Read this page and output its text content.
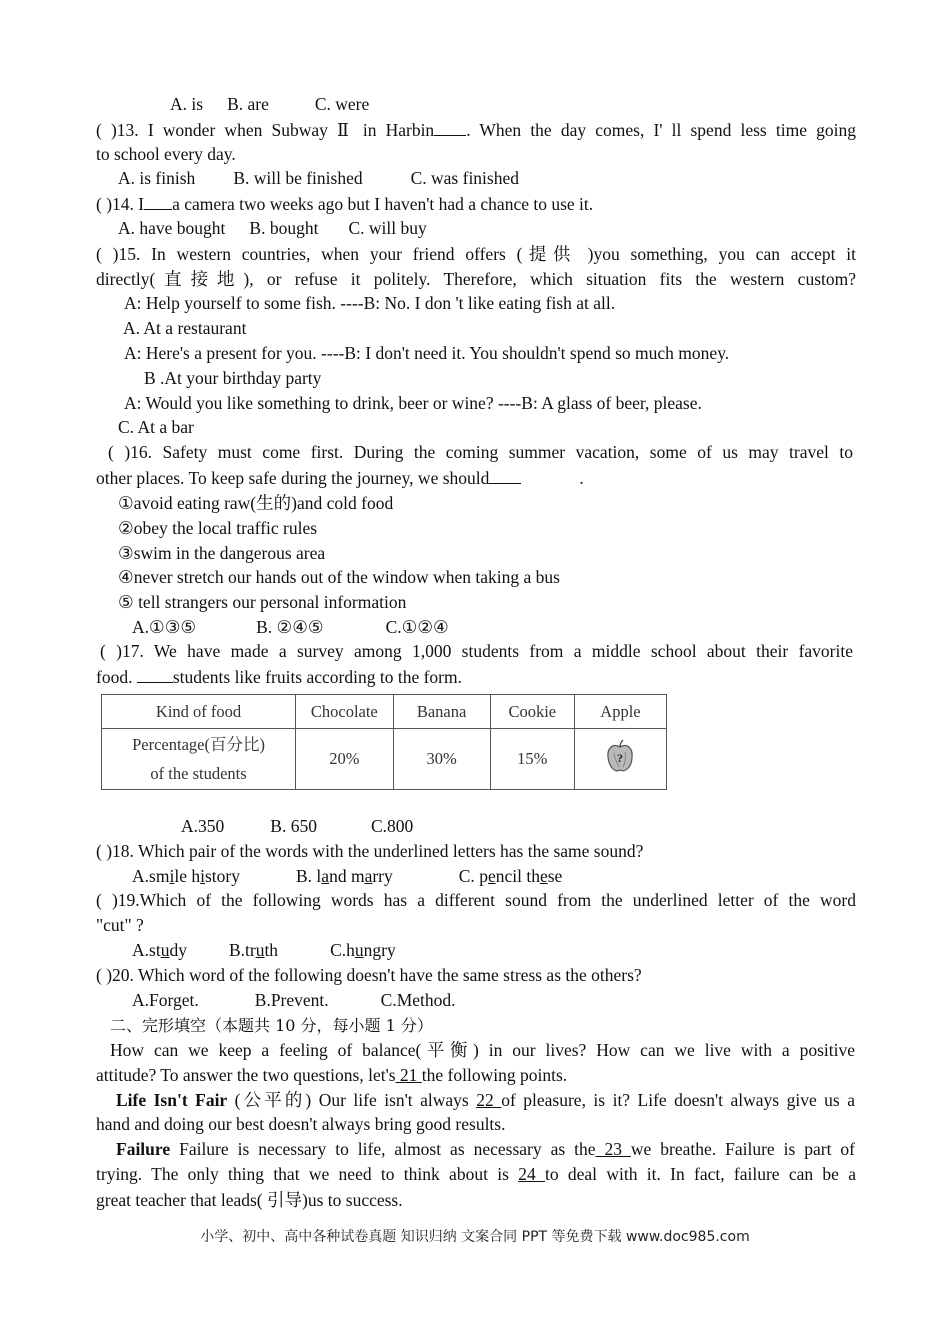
A. is B. are	C. were
( )13. I wonder when Subway Ⅱ in Harbin . When the day comes, I' ll spend less time going
to school every day.
A. is finish B. will be finished	C. was finished
( )14. I a camera two weeks ago but I haven't had a chance to use it.
A. have bought B. bought C. will buy
( )15. In western countries, when your friend offers (提供 )you something, you can accept it
directly(直接地), or refuse it politely. Therefore, which situation fits the western custom?
A: Help yourself to some fish. ----B: No. I don 't like eating fish at all.
A. At a restaurant
A: Here's a present for you. ----B: I don't need it. You shouldn't spend so much money.
B .At your birthday party
A: Would you like something to drink, beer or wine? ----B: A glass of beer, please.
C. At a bar
( )16. Safety must come first. During the coming summer vacation, some of us may travel to
other places. To keep safe during the journey, we should	.
①avoid eating raw(生的)and cold food
②obey the local traffic rules
③swim in the dangerous area
④never stretch our hands out of the window when taking a bus
⑤ tell strangers our personal information
A.①③⑤	B. ②④⑤	C.①②④
( )17. We have made a survey among 1,000 students from a middle school about their favorite
food. students like fruits according to the form.
Kind of food	Chocolate	Banana	Cookie	Apple

Percentage(百分比)
of the students	20%	30%	15%	?
A.350	B. 650	C.800
( )18. Which pair of the words with the underlined letters has the same sound?
A.smile history	B. land marry	C. pencil these
( )19.Which of the following words has a different sound from the underlined letter of the word
"cut" ?
A.study B.truth	C.hungry
( )20. Which word of the following doesn't have the same stress as the others?
A.Forget.	B.Prevent.	C.Method.
二、完形填空（本题共 10 分，每小题 1 分）
How can we keep a feeling of balance(平衡) in our lives? How can we live with a positive
attitude? To answer the two questions, let's 21 the following points.
Life Isn't Fair (公平的) Our life isn't always 22 of pleasure, is it? Life doesn't always give us a
hand and doing our best doesn't always bring good results.
Failure Failure is necessary to life, almost as necessary as the 23 we breathe. Failure is part of
trying. The only thing that we need to think about is 24 to deal with it. In fact, failure can be a
great teacher that leads( 引导)us to success.
小学、初中、高中各种试卷真题 知识归纳 文案合同 PPT 等免费下载 www.doc985.com
